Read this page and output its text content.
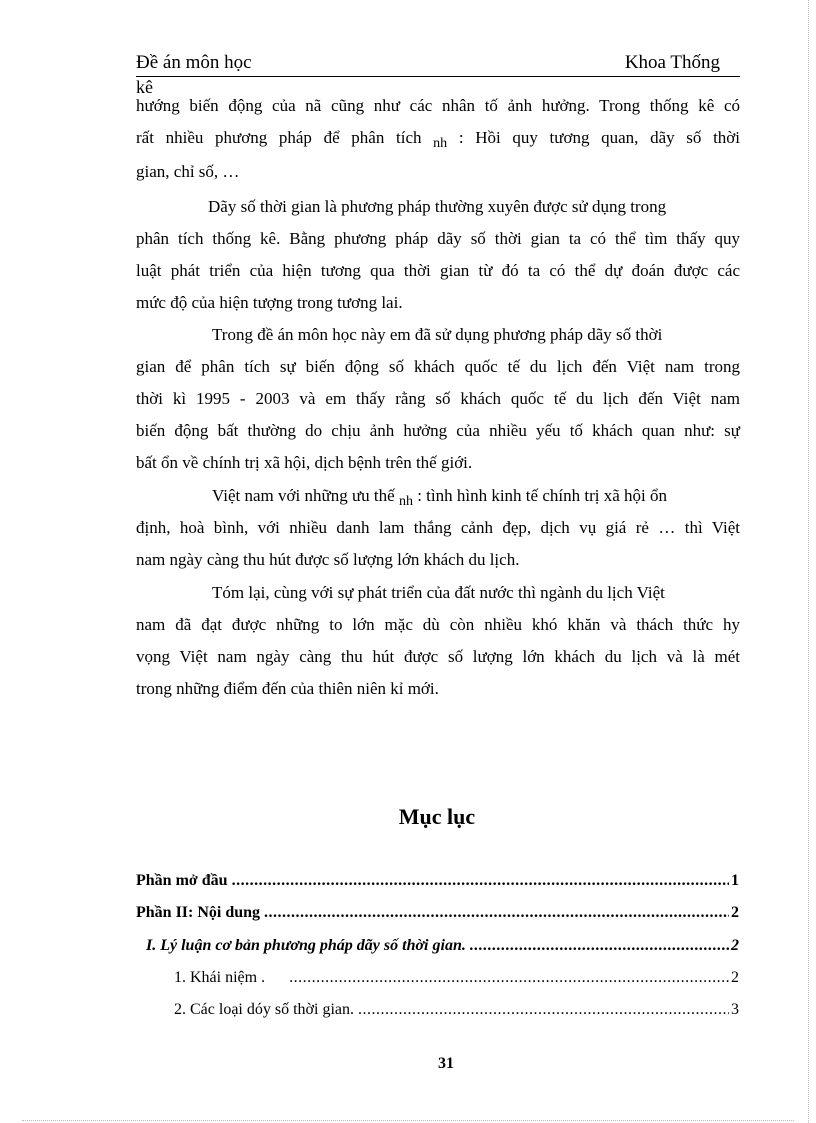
Đề án môn học	Khoa Thống
kê
hướng biến động của nã cũng như các nhân tố ảnh hưởng. Trong thống kê có
rất nhiều phương pháp để phân tích $_{nh}$ : Hồi quy tương quan, dãy số thời
gian, chỉ số, …
Dãy số thời gian là phương pháp thường xuyên được sử dụng trong
phân tích thống kê. Bằng phương pháp dãy số thời gian ta có thể tìm thấy quy
luật phát triển của hiện tương qua thời gian từ đó ta có thể dự đoán được các
mức độ của hiện tượng trong tương lai.
Trong đề án môn học này em đã sử dụng phương pháp dãy số thời
gian để phân tích sự biến động số khách quốc tế du lịch đến Việt nam trong
thời kì 1995 - 2003 và em thấy rằng số khách quốc tế du lịch đến Việt nam
biến động bất thường do chịu ảnh hưởng của nhiều yếu tố khách quan như: sự
bất ổn về chính trị xã hội, dịch bệnh trên thế giới.
Việt nam với những ưu thế $_{nh}$ : tình hình kinh tế chính trị xã hội ổn
định, hoà bình, với nhiều danh lam thắng cảnh đẹp, dịch vụ giá rẻ … thì Việt
nam ngày càng thu hút được số lượng lớn khách du lịch.
Tóm lại, cùng với sự phát triển của đất nước thì ngành du lịch Việt
nam đã đạt được những to lớn mặc dù còn nhiều khó khăn và thách thức hy
vọng Việt nam ngày càng thu hút được số lượng lớn khách du lịch và là mét
trong những điểm đến của thiên niên kỉ mới.
Mục lục
Phần mở đầu .....	1
Phần II: Nội dung .....	2
I. Lý luận cơ bản phương pháp dãy số thời gian. .....	2
1. Khái niệm . .....	2
2. Các loại dóy số thời gian. .....	3
31
